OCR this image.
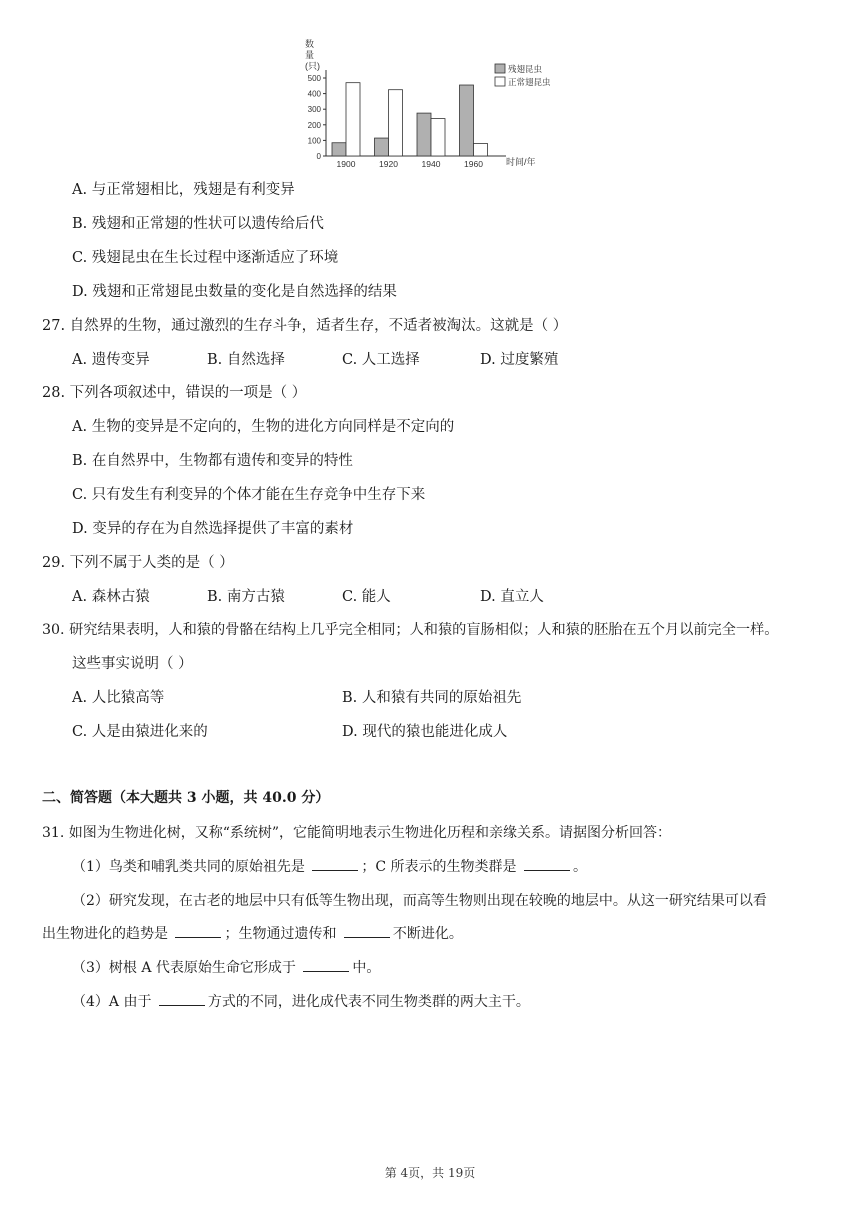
数
量
(只)
0
100
200
300
400
500
1900	1920	1940	1960	时间/年
残翅昆虫
正常翅昆虫
A. 与正常翅相比，残翅是有利变异
B. 残翅和正常翅的性状可以遗传给后代
C. 残翅昆虫在生长过程中逐渐适应了环境
D. 残翅和正常翅昆虫数量的变化是自然选择的结果
27. 自然界的生物，通过激烈的生存斗争，适者生存，不适者被淘汰。这就是（ ）
A. 遗传变异	B. 自然选择	C. 人工选择	D. 过度繁殖
28. 下列各项叙述中，错误的一项是（ ）
A. 生物的变异是不定向的，生物的进化方向同样是不定向的
B. 在自然界中，生物都有遗传和变异的特性
C. 只有发生有利变异的个体才能在生存竞争中生存下来
D. 变异的存在为自然选择提供了丰富的素材
29. 下列不属于人类的是（ ）
A. 森林古猿	B. 南方古猿	C. 能人	D. 直立人
30. 研究结果表明，人和猿的骨骼在结构上几乎完全相同；人和猿的盲肠相似；人和猿的胚胎在五个月以前完全一样。
这些事实说明（ ）
A. 人比猿高等	B. 人和猿有共同的原始祖先
C. 人是由猿进化来的	D. 现代的猿也能进化成人
二、简答题（本大题共 3 小题，共 40.0 分）
31. 如图为生物进化树，又称“系统树”，它能简明地表示生物进化历程和亲缘关系。请据图分析回答：
（1）鸟类和哺乳类共同的原始祖先是	；C 所表示的生物类群是	。
（2）研究发现，在古老的地层中只有低等生物出现，而高等生物则出现在较晚的地层中。从这一研究结果可以看
出生物进化的趋势是	；生物通过遗传和	不断进化。
（3）树根 A 代表原始生命它形成于	中。
（4）A 由于	方式的不同，进化成代表不同生物类群的两大主干。
第 4页，共 19页
